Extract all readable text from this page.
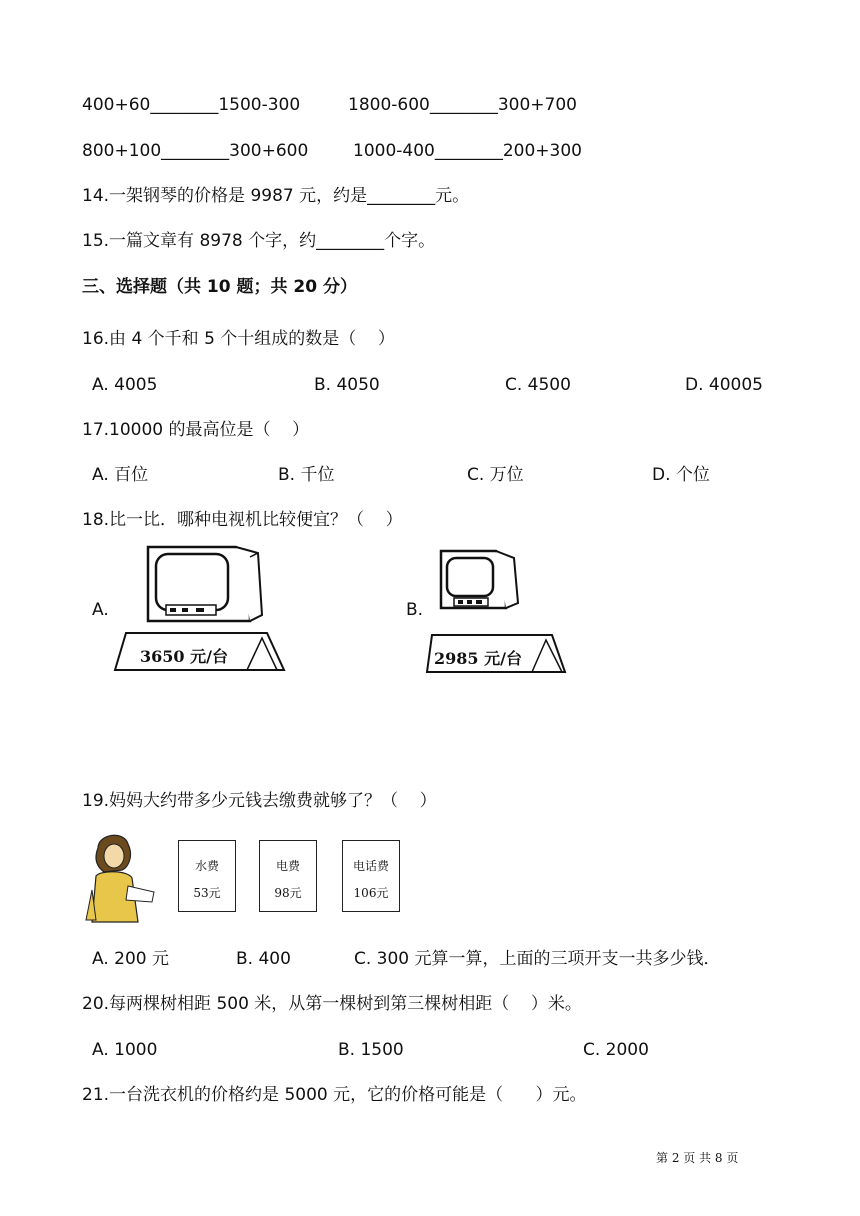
400+60________1500-300	1800-600________300+700
800+100________300+600	1000-400________200+300
14.一架钢琴的价格是 9987 元，约是________元。
15.一篇文章有 8978 个字，约________个字。
三、选择题（共 10 题；共 20 分）
16.由 4 个千和 5 个十组成的数是（    ）
A. 4005	B. 4050	C. 4500	D. 40005
17.10000 的最高位是（    ）
A. 百位	B. 千位	C. 万位	D. 个位
18.比一比．哪种电视机比较便宜？（    ）
A.	B.
3650 元/台	2985 元/台
19.妈妈大约带多少元钱去缴费就够了？（    ）
水费
53元
电费
98元
电话费
106元
A. 200 元	B. 400	C. 300 元算一算，上面的三项开支一共多少钱．
20.每两棵树相距 500 米，从第一棵树到第三棵树相距（    ）米。
A. 1000	B. 1500	C. 2000
21.一台洗衣机的价格约是 5000 元，它的价格可能是（      ）元。
第 2 页 共 8 页
